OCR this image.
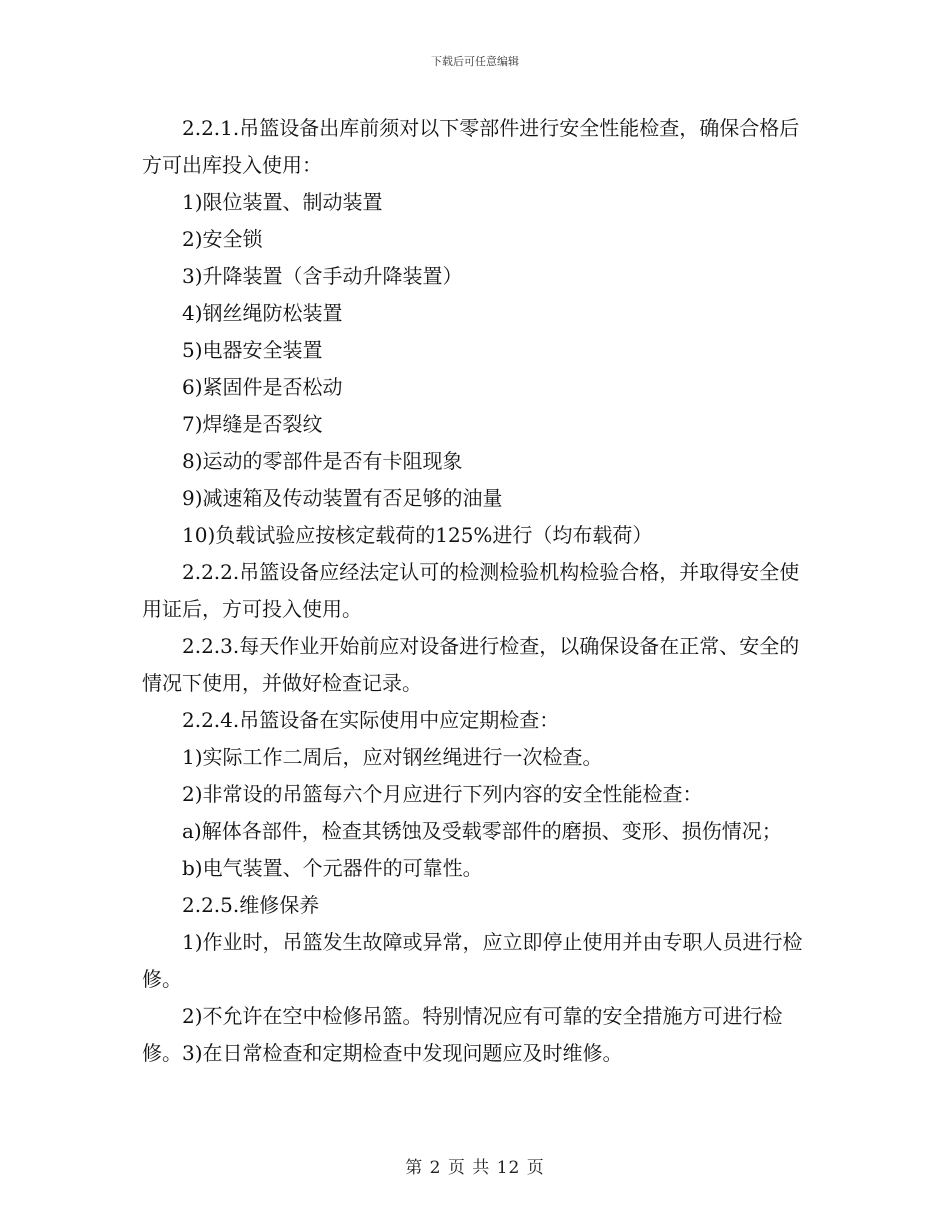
下载后可任意编辑

2.2.1.吊篮设备出库前须对以下零部件进行安全性能检查，确保合格后方可出库投入使用：

1)限位装置、制动装置

2)安全锁

3)升降装置（含手动升降装置）

4)钢丝绳防松装置

5)电器安全装置

6)紧固件是否松动

7)焊缝是否裂纹

8)运动的零部件是否有卡阻现象

9)减速箱及传动装置有否足够的油量

10)负载试验应按核定载荷的125%进行（均布载荷）

2.2.2.吊篮设备应经法定认可的检测检验机构检验合格，并取得安全使用证后，方可投入使用。

2.2.3.每天作业开始前应对设备进行检查，以确保设备在正常、安全的情况下使用，并做好检查记录。

2.2.4.吊篮设备在实际使用中应定期检查：

1)实际工作二周后，应对钢丝绳进行一次检查。

2)非常设的吊篮每六个月应进行下列内容的安全性能检查：

a)解体各部件，检查其锈蚀及受载零部件的磨损、变形、损伤情况；

b)电气装置、个元器件的可靠性。

2.2.5.维修保养

1)作业时，吊篮发生故障或异常，应立即停止使用并由专职人员进行检修。

2)不允许在空中检修吊篮。特别情况应有可靠的安全措施方可进行检修。3)在日常检查和定期检查中发现问题应及时维修。

第 2 页 共 12 页
